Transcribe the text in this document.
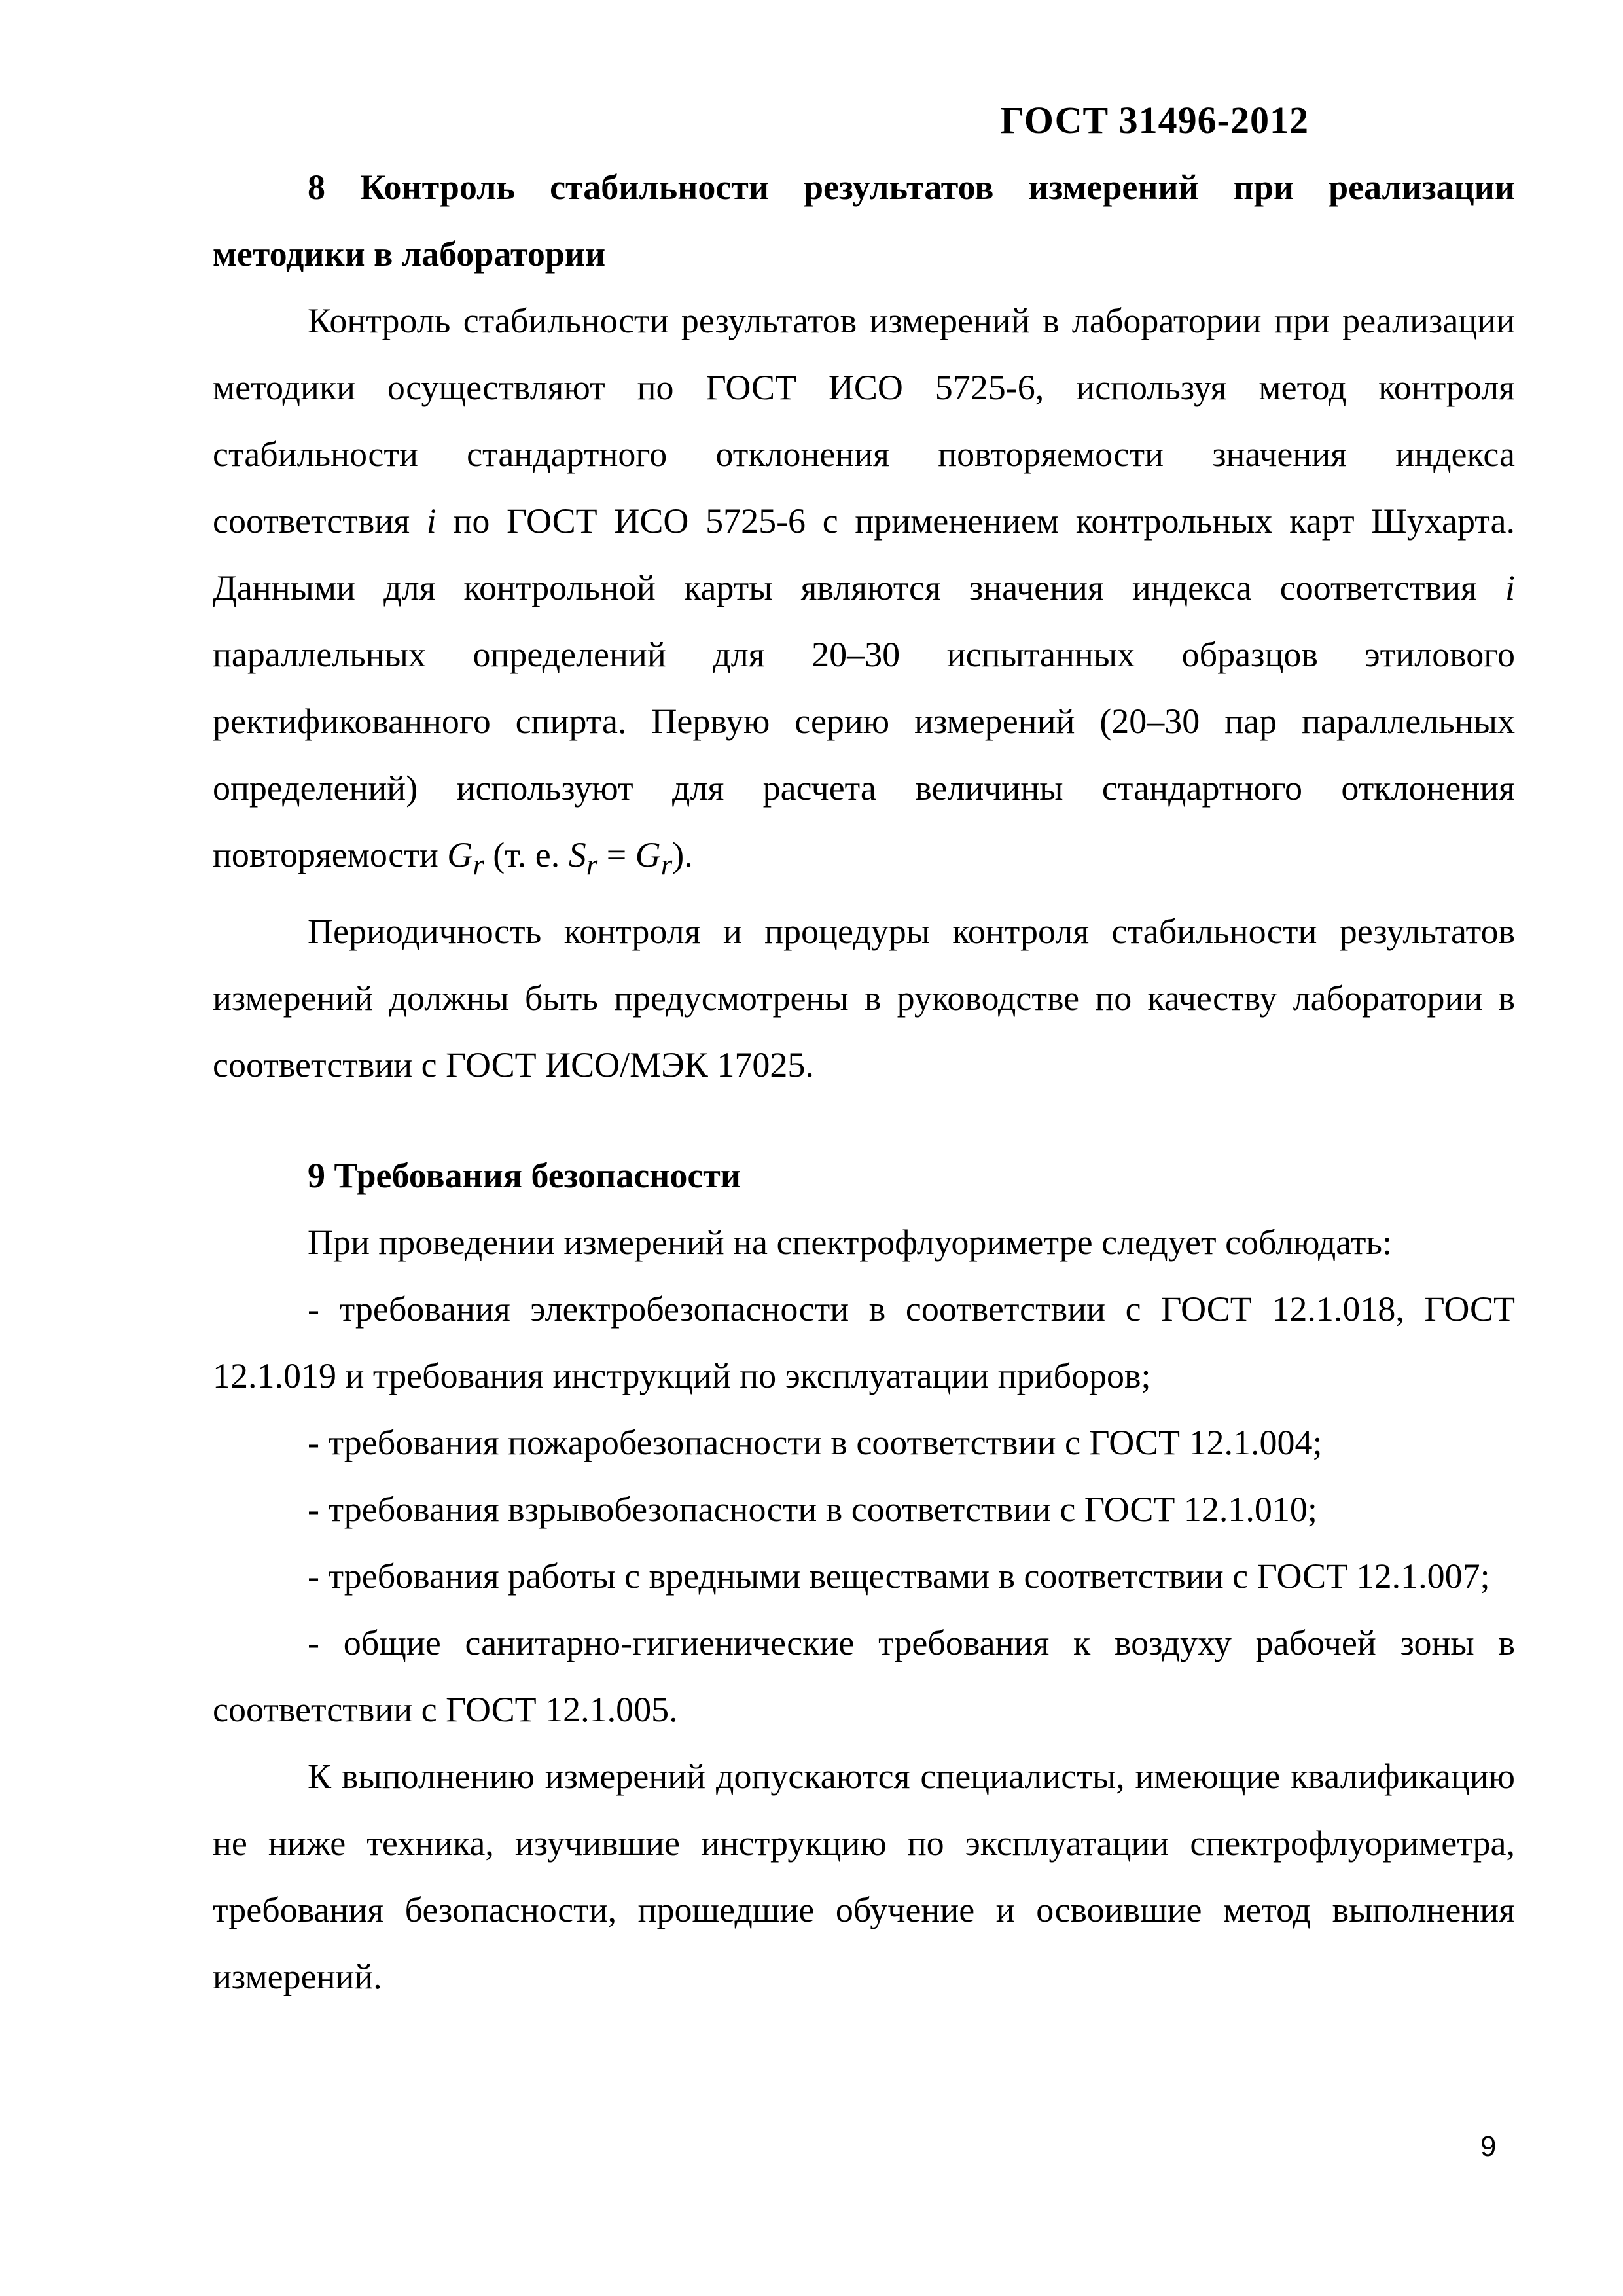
ГОСТ 31496-2012

8 Контроль стабильности результатов измерений при реализации методики в лаборатории

Контроль стабильности результатов измерений в лаборатории при реализации методики осуществляют по ГОСТ ИСО 5725-6, используя метод контроля стабильности стандартного отклонения повторяемости значения индекса соответствия i по ГОСТ ИСО 5725-6 с применением контрольных карт Шухарта. Данными для контрольной карты являются значения индекса соответствия i параллельных определений для 20–30 испытанных образцов этилового ректификованного спирта. Первую серию измерений (20–30 пар параллельных определений) используют для расчета величины стандартного отклонения повторяемости $G_r$ (т. е. $S_r = G_r$).

Периодичность контроля и процедуры контроля стабильности результатов измерений должны быть предусмотрены в руководстве по качеству лаборатории в соответствии с ГОСТ ИСО/МЭК 17025.

9 Требования безопасности

При проведении измерений на спектрофлуориметре следует соблюдать:

- требования электробезопасности в соответствии с ГОСТ 12.1.018, ГОСТ 12.1.019 и требования инструкций по эксплуатации приборов;

- требования пожаробезопасности в соответствии с ГОСТ 12.1.004;

- требования взрывобезопасности в соответствии с ГОСТ 12.1.010;

- требования работы с вредными веществами в соответствии с ГОСТ 12.1.007;

- общие санитарно-гигиенические требования к воздуху рабочей зоны в соответствии с ГОСТ 12.1.005.

К выполнению измерений допускаются специалисты, имеющие квалификацию не ниже техника, изучившие инструкцию по эксплуатации спектрофлуориметра, требования безопасности, прошедшие обучение и освоившие метод выполнения измерений.

9
